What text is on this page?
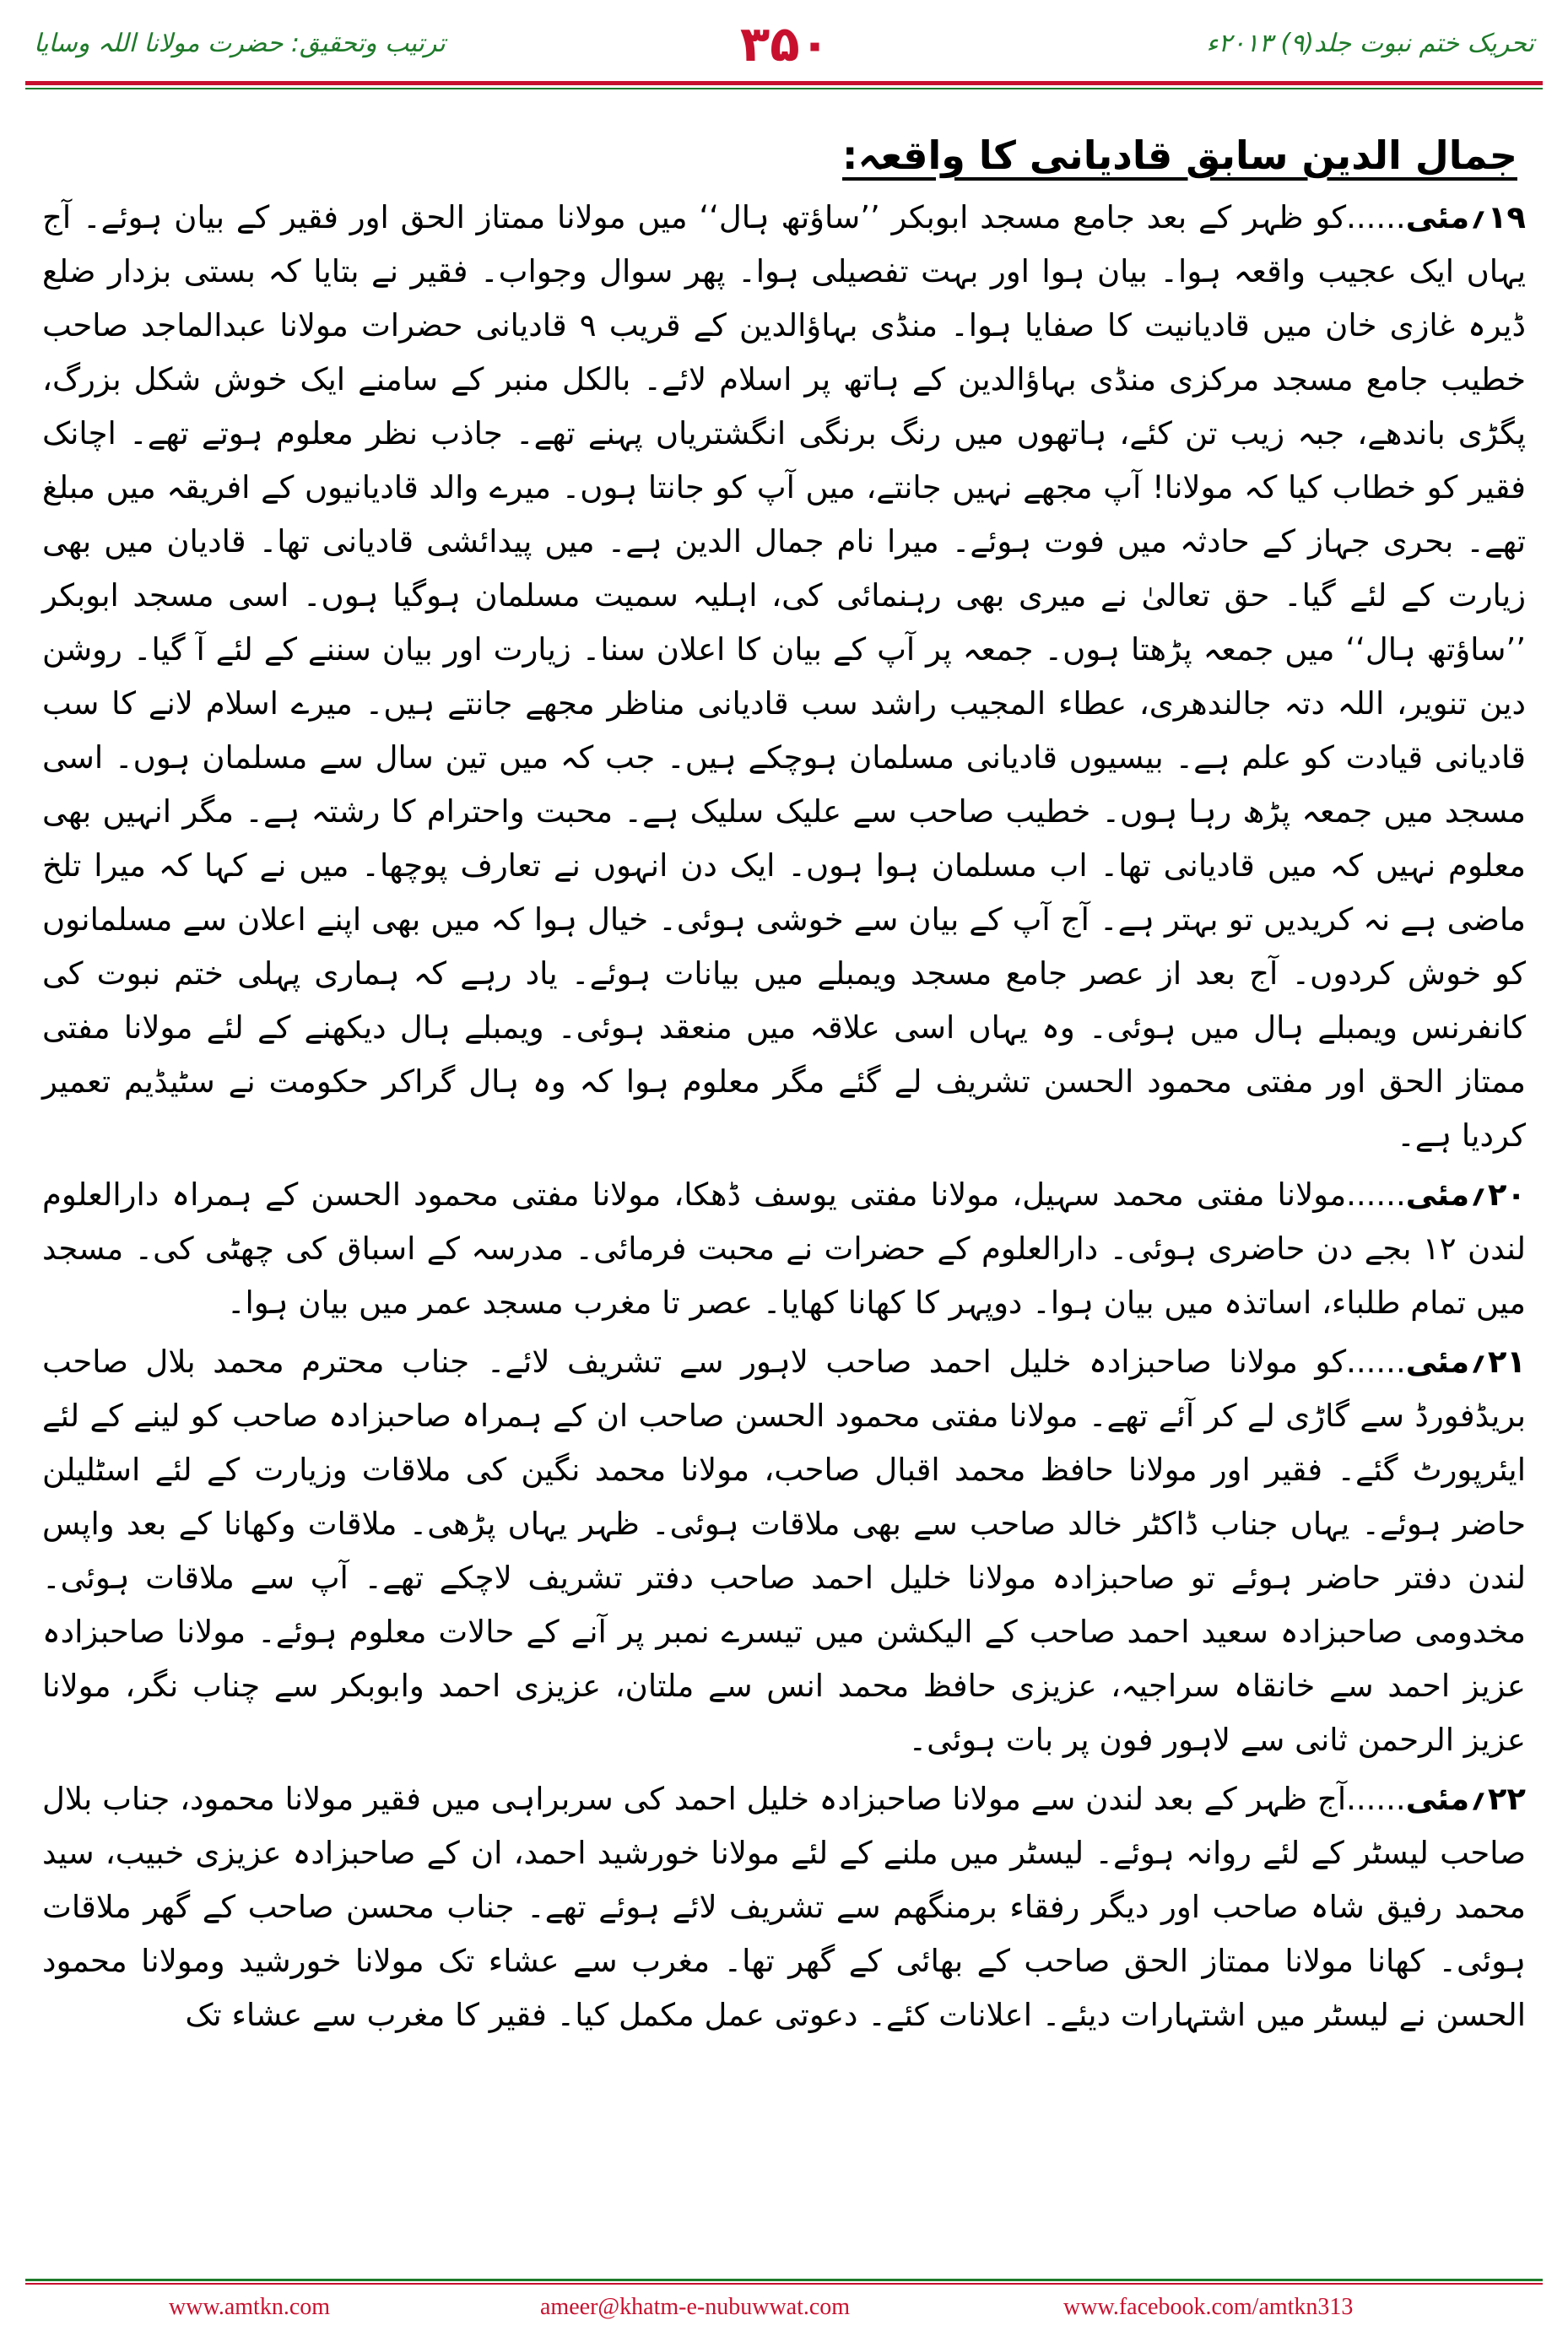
ترتیب وتحقیق: حضرت مولانا اللہ وسایا	۳۵۰	تحریک ختم نبوت جلد(۹) ۲۰۱۳ء
جمال الدین سابق قادیانی کا واقعہ:

۱۹؍مئی......کو ظہر کے بعد جامع مسجد ابوبکر ’’ساؤتھ ہال‘‘ میں مولانا ممتاز الحق اور فقیر کے بیان ہوئے۔ آج یہاں ایک عجیب واقعہ ہوا۔ بیان ہوا اور بہت تفصیلی ہوا۔ پھر سوال وجواب۔ فقیر نے بتایا کہ بستی بزدار ضلع ڈیرہ غازی خان میں قادیانیت کا صفایا ہوا۔ منڈی بہاؤالدین کے قریب ۹ قادیانی حضرات مولانا عبدالماجد صاحب خطیب جامع مسجد مرکزی منڈی بہاؤالدین کے ہاتھ پر اسلام لائے۔ بالکل منبر کے سامنے ایک خوش شکل بزرگ، پگڑی باندھے، جبہ زیب تن کئے، ہاتھوں میں رنگ برنگی انگشتریاں پہنے تھے۔ جاذب نظر معلوم ہوتے تھے۔ اچانک فقیر کو خطاب کیا کہ مولانا! آپ مجھے نہیں جانتے، میں آپ کو جانتا ہوں۔ میرے والد قادیانیوں کے افریقہ میں مبلغ تھے۔ بحری جہاز کے حادثہ میں فوت ہوئے۔ میرا نام جمال الدین ہے۔ میں پیدائشی قادیانی تھا۔ قادیان میں بھی زیارت کے لئے گیا۔ حق تعالیٰ نے میری بھی رہنمائی کی، اہلیہ سمیت مسلمان ہوگیا ہوں۔ اسی مسجد ابوبکر ’’ساؤتھ ہال‘‘ میں جمعہ پڑھتا ہوں۔ جمعہ پر آپ کے بیان کا اعلان سنا۔ زیارت اور بیان سننے کے لئے آ گیا۔ روشن دین تنویر، اللہ دتہ جالندھری، عطاء المجیب راشد سب قادیانی مناظر مجھے جانتے ہیں۔ میرے اسلام لانے کا سب قادیانی قیادت کو علم ہے۔ بیسیوں قادیانی مسلمان ہوچکے ہیں۔ جب کہ میں تین سال سے مسلمان ہوں۔ اسی مسجد میں جمعہ پڑھ رہا ہوں۔ خطیب صاحب سے علیک سلیک ہے۔ محبت واحترام کا رشتہ ہے۔ مگر انہیں بھی معلوم نہیں کہ میں قادیانی تھا۔ اب مسلمان ہوا ہوں۔ ایک دن انہوں نے تعارف پوچھا۔ میں نے کہا کہ میرا تلخ ماضی ہے نہ کریدیں تو بہتر ہے۔ آج آپ کے بیان سے خوشی ہوئی۔ خیال ہوا کہ میں بھی اپنے اعلان سے مسلمانوں کو خوش کردوں۔ آج بعد از عصر جامع مسجد ویمبلے میں بیانات ہوئے۔ یاد رہے کہ ہماری پہلی ختم نبوت کی کانفرنس ویمبلے ہال میں ہوئی۔ وہ یہاں اسی علاقہ میں منعقد ہوئی۔ ویمبلے ہال دیکھنے کے لئے مولانا مفتی ممتاز الحق اور مفتی محمود الحسن تشریف لے گئے مگر معلوم ہوا کہ وہ ہال گراکر حکومت نے سٹیڈیم تعمیر کردیا ہے۔

۲۰؍مئی......مولانا مفتی محمد سہیل، مولانا مفتی یوسف ڈھکا، مولانا مفتی محمود الحسن کے ہمراہ دارالعلوم لندن ۱۲ بجے دن حاضری ہوئی۔ دارالعلوم کے حضرات نے محبت فرمائی۔ مدرسہ کے اسباق کی چھٹی کی۔ مسجد میں تمام طلباء، اساتذہ میں بیان ہوا۔ دوپہر کا کھانا کھایا۔ عصر تا مغرب مسجد عمر میں بیان ہوا۔

۲۱؍مئی......کو مولانا صاحبزادہ خلیل احمد صاحب لاہور سے تشریف لائے۔ جناب محترم محمد بلال صاحب بریڈفورڈ سے گاڑی لے کر آئے تھے۔ مولانا مفتی محمود الحسن صاحب ان کے ہمراہ صاحبزادہ صاحب کو لینے کے لئے ایئرپورٹ گئے۔ فقیر اور مولانا حافظ محمد اقبال صاحب، مولانا محمد نگین کی ملاقات وزیارت کے لئے اسٹلیلن حاضر ہوئے۔ یہاں جناب ڈاکٹر خالد صاحب سے بھی ملاقات ہوئی۔ ظہر یہاں پڑھی۔ ملاقات وکھانا کے بعد واپس لندن دفتر حاضر ہوئے تو صاحبزادہ مولانا خلیل احمد صاحب دفتر تشریف لاچکے تھے۔ آپ سے ملاقات ہوئی۔ مخدومی صاحبزادہ سعید احمد صاحب کے الیکشن میں تیسرے نمبر پر آنے کے حالات معلوم ہوئے۔ مولانا صاحبزادہ عزیز احمد سے خانقاہ سراجیہ، عزیزی حافظ محمد انس سے ملتان، عزیزی احمد وابوبکر سے چناب نگر، مولانا عزیز الرحمن ثانی سے لاہور فون پر بات ہوئی۔

۲۲؍مئی......آج ظہر کے بعد لندن سے مولانا صاحبزادہ خلیل احمد کی سربراہی میں فقیر مولانا محمود، جناب بلال صاحب لیسٹر کے لئے روانہ ہوئے۔ لیسٹر میں ملنے کے لئے مولانا خورشید احمد، ان کے صاحبزادہ عزیزی خبیب، سید محمد رفیق شاہ صاحب اور دیگر رفقاء برمنگھم سے تشریف لائے ہوئے تھے۔ جناب محسن صاحب کے گھر ملاقات ہوئی۔ کھانا مولانا ممتاز الحق صاحب کے بھائی کے گھر تھا۔ مغرب سے عشاء تک مولانا خورشید ومولانا محمود الحسن نے لیسٹر میں اشتہارات دیئے۔ اعلانات کئے۔ دعوتی عمل مکمل کیا۔ فقیر کا مغرب سے عشاء تک

www.amtkn.com	ameer@khatm-e-nubuwwat.com	www.facebook.com/amtkn313
